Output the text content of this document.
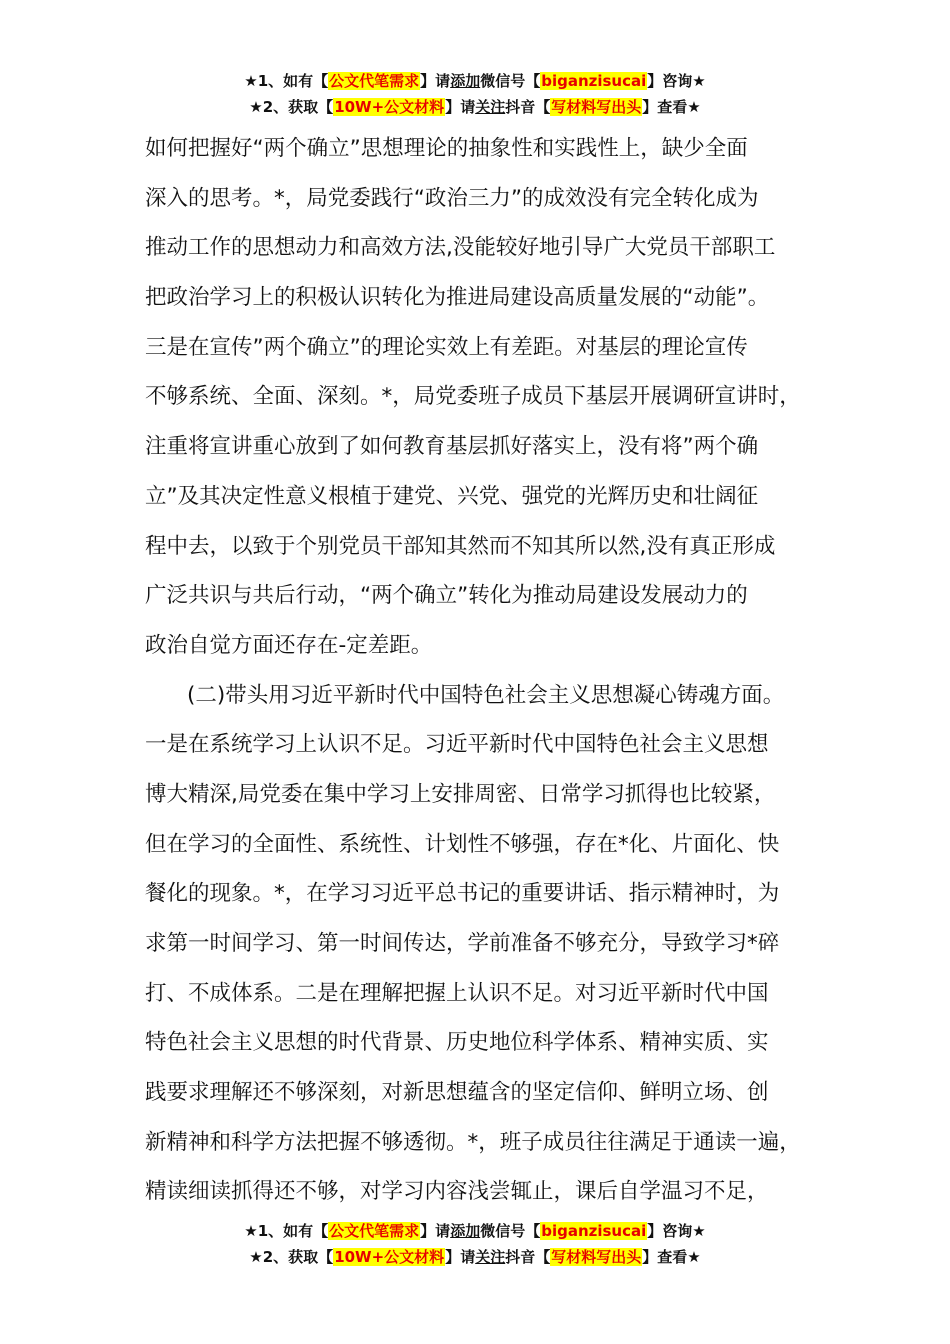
★1、如有【公文代笔需求】请添加微信号【biganzisucai】咨询★
★2、获取【10W+公文材料】请关注抖音【写材料写出头】查看★
如何把握好“两个确立”思想理论的抽象性和实践性上，缺少全面
深入的思考。*，局党委践行“政治三力”的成效没有完全转化成为
推动工作的思想动力和高效方法,没能较好地引导广大党员干部职工
把政治学习上的积极认识转化为推进局建设高质量发展的“动能”。
三是在宣传”两个确立”的理论实效上有差距。对基层的理论宣传
不够系统、全面、深刻。*，局党委班子成员下基层开展调研宣讲时，
注重将宣讲重心放到了如何教育基层抓好落实上，没有将”两个确
立”及其决定性意义根植于建党、兴党、强党的光辉历史和壮阔征
程中去，以致于个别党员干部知其然而不知其所以然,没有真正形成
广泛共识与共后行动，“两个确立”转化为推动局建设发展动力的
政治自觉方面还存在-定差距。
(二)带头用习近平新时代中国特色社会主义思想凝心铸魂方面。
一是在系统学习上认识不足。习近平新时代中国特色社会主义思想
博大精深,局党委在集中学习上安排周密、日常学习抓得也比较紧，
但在学习的全面性、系统性、计划性不够强，存在*化、片面化、快
餐化的现象。*，在学习习近平总书记的重要讲话、指示精神时，为
求第一时间学习、第一时间传达，学前准备不够充分，导致学习*碎
打、不成体系。二是在理解把握上认识不足。对习近平新时代中国
特色社会主义思想的时代背景、历史地位科学体系、精神实质、实
践要求理解还不够深刻，对新思想蕴含的坚定信仰、鲜明立场、创
新精神和科学方法把握不够透彻。*，班子成员往往满足于通读一遍，
精读细读抓得还不够，对学习内容浅尝辄止，课后自学温习不足，
★1、如有【公文代笔需求】请添加微信号【biganzisucai】咨询★
★2、获取【10W+公文材料】请关注抖音【写材料写出头】查看★
